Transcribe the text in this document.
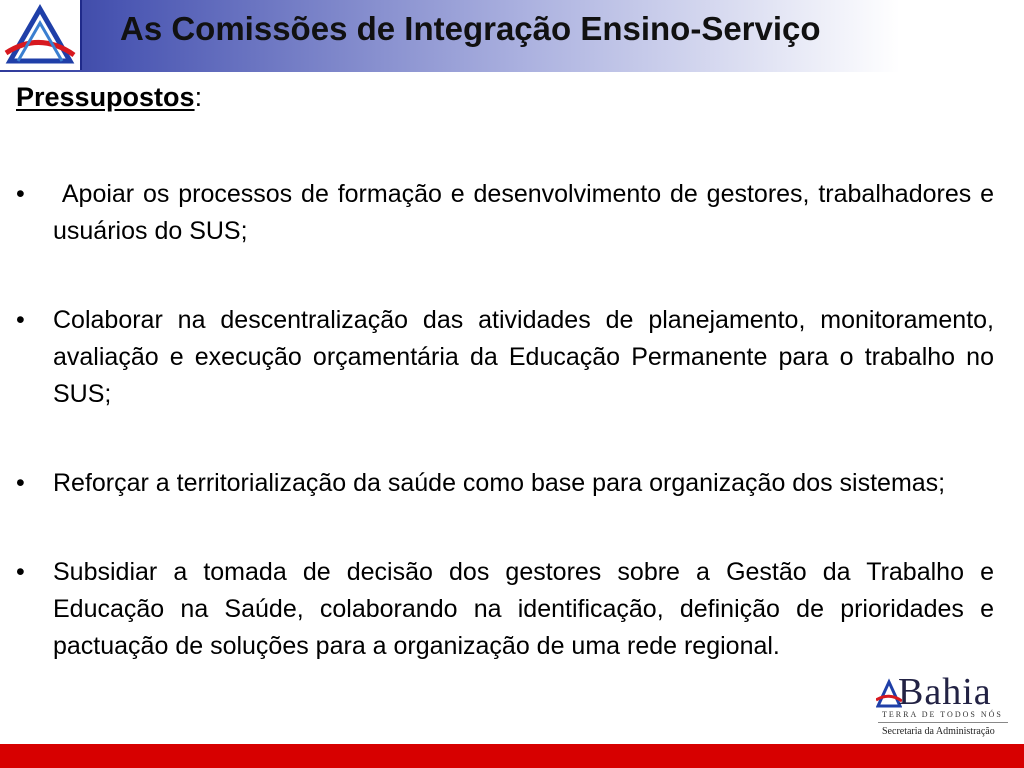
As Comissões de Integração Ensino-Serviço
Pressupostos:
• Apoiar os processos de formação e desenvolvimento de gestores, trabalhadores e usuários do SUS;
• Colaborar na descentralização das atividades de planejamento, monitoramento, avaliação e execução orçamentária da Educação Permanente para o trabalho no SUS;
• Reforçar a territorialização da saúde como base para organização dos sistemas;
• Subsidiar a tomada de decisão dos gestores sobre a Gestão da Trabalho e Educação na Saúde, colaborando na identificação, definição de prioridades e pactuação de soluções para a organização de uma rede regional.
Bahia
TERRA DE TODOS NÓS
Secretaria da Administração
